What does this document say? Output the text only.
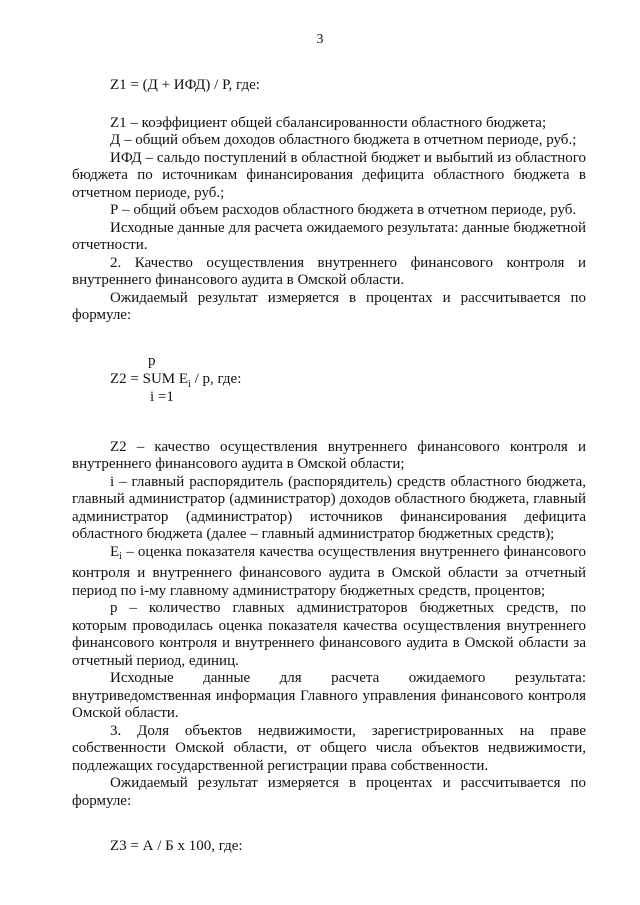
3

Z1 = (Д + ИФД) / Р, где:

Z1 – коэффициент общей сбалансированности областного бюджета;

Д – общий объем доходов областного бюджета в отчетном периоде, руб.;

ИФД – сальдо поступлений в областной бюджет и выбытий из областного бюджета по источникам финансирования дефицита областного бюджета в отчетном периоде, руб.;

Р – общий объем расходов областного бюджета в отчетном периоде, руб.

Исходные данные для расчета ожидаемого результата: данные бюджетной отчетности.

2. Качество осуществления внутреннего финансового контроля и внутреннего финансового аудита в Омской области.

Ожидаемый результат измеряется в процентах и рассчитывается по формуле:

p
Z2 = SUM $E_i$ / p, где:
i =1

Z2 – качество осуществления внутреннего финансового контроля и внутреннего финансового аудита в Омской области;

i – главный распорядитель (распорядитель) средств областного бюджета, главный администратор (администратор) доходов областного бюджета, главный администратор (администратор) источников финансирования дефицита областного бюджета (далее – главный администратор бюджетных средств);

$E_i$ – оценка показателя качества осуществления внутреннего финансового контроля и внутреннего финансового аудита в Омской области за отчетный период по i-му главному администратору бюджетных средств, процентов;

p – количество главных администраторов бюджетных средств, по которым проводилась оценка показателя качества осуществления внутреннего финансового контроля и внутреннего финансового аудита в Омской области за отчетный период, единиц.

Исходные данные для расчета ожидаемого результата: внутриведомственная информация Главного управления финансового контроля Омской области.

3. Доля объектов недвижимости, зарегистрированных на праве собственности Омской области, от общего числа объектов недвижимости, подлежащих государственной регистрации права собственности.

Ожидаемый результат измеряется в процентах и рассчитывается по формуле:

Z3 = А / Б х 100, где:
